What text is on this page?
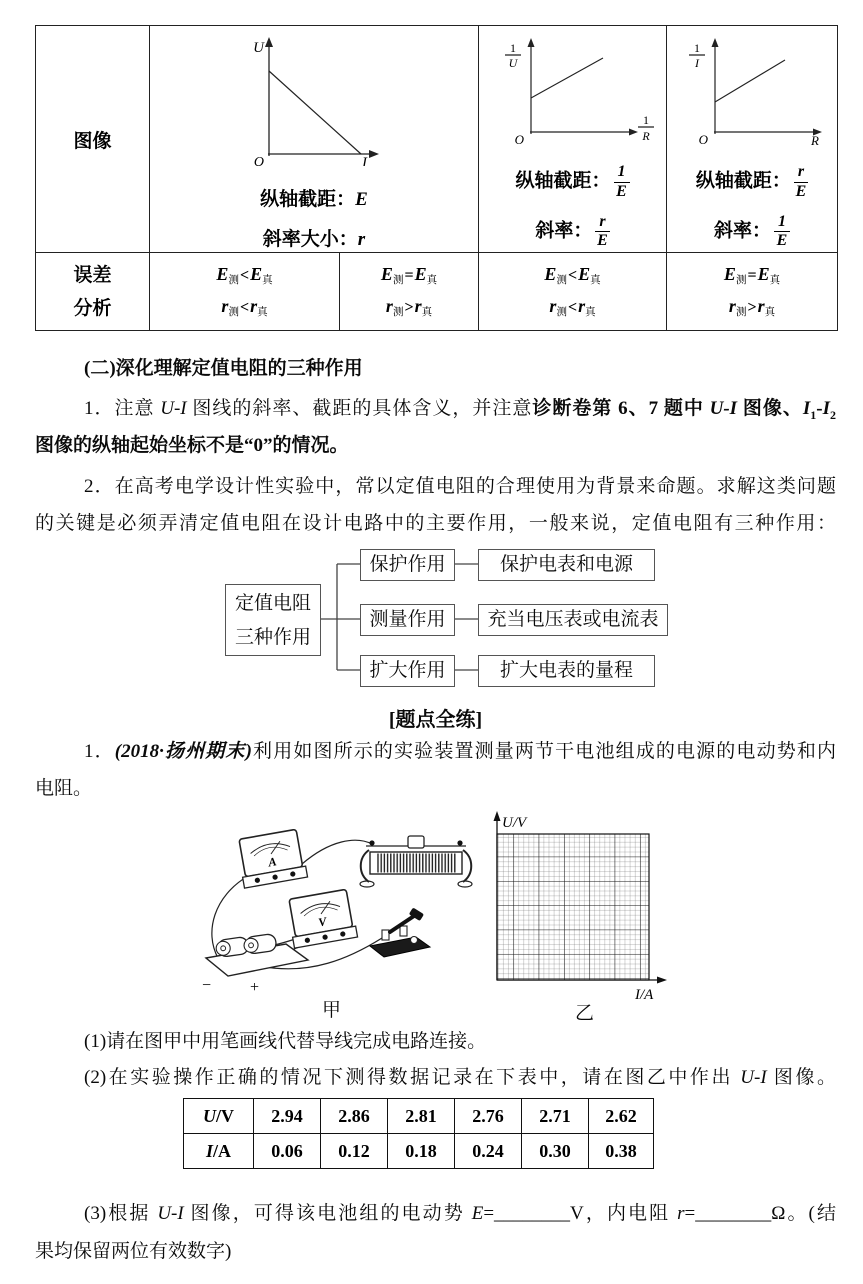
图像	
U
O	I
纵轴截距：E
斜率大小：r

1
U
O
1
R
纵轴截距： $\frac{1}{E}$
斜率： $\frac{r}{E}$

1
I
O	R
纵轴截距： $\frac{r}{E}$
斜率： $\frac{1}{E}$

误差
分析

E测<E真
r测<r真

E测=E真
r测>r真

E测<E真
r测<r真

E测=E真
r测>r真
(二)深化理解定值电阻的三种作用
1．注意 U-I 图线的斜率、截距的具体含义，并注意诊断卷第 6、7 题中 U-I 图像、$I_1-I_2$
图像的纵轴起始坐标不是“0”的情况。
2．在高考电学设计性实验中，常以定值电阻的合理使用为背景来命题。求解这类问题
的关键是必须弄清定值电阻在设计电路中的主要作用，一般来说，定值电阻有三种作用：
定值电阻
三种作用
保护作用
测量作用
扩大作用
保护电表和电源
充当电压表或电流表
扩大电表的量程
[题点全练]
1．(2018·扬州期末)利用如图所示的实验装置测量两节干电池组成的电源的电动势和内
电阻。
A
V
− +
甲
U/V
I/A
乙
(1)请在图甲中用笔画线代替导线完成电路连接。
(2)在实验操作正确的情况下测得数据记录在下表中，请在图乙中作出 U-I 图像。
U/V	2.94	2.86	2.81	2.76	2.71	2.62
I/A	0.06	0.12	0.18	0.24	0.30	0.38
(3)根据 U-I 图像，可得该电池组的电动势 E=________V，内电阻 r=________Ω。(结
果均保留两位有效数字)
